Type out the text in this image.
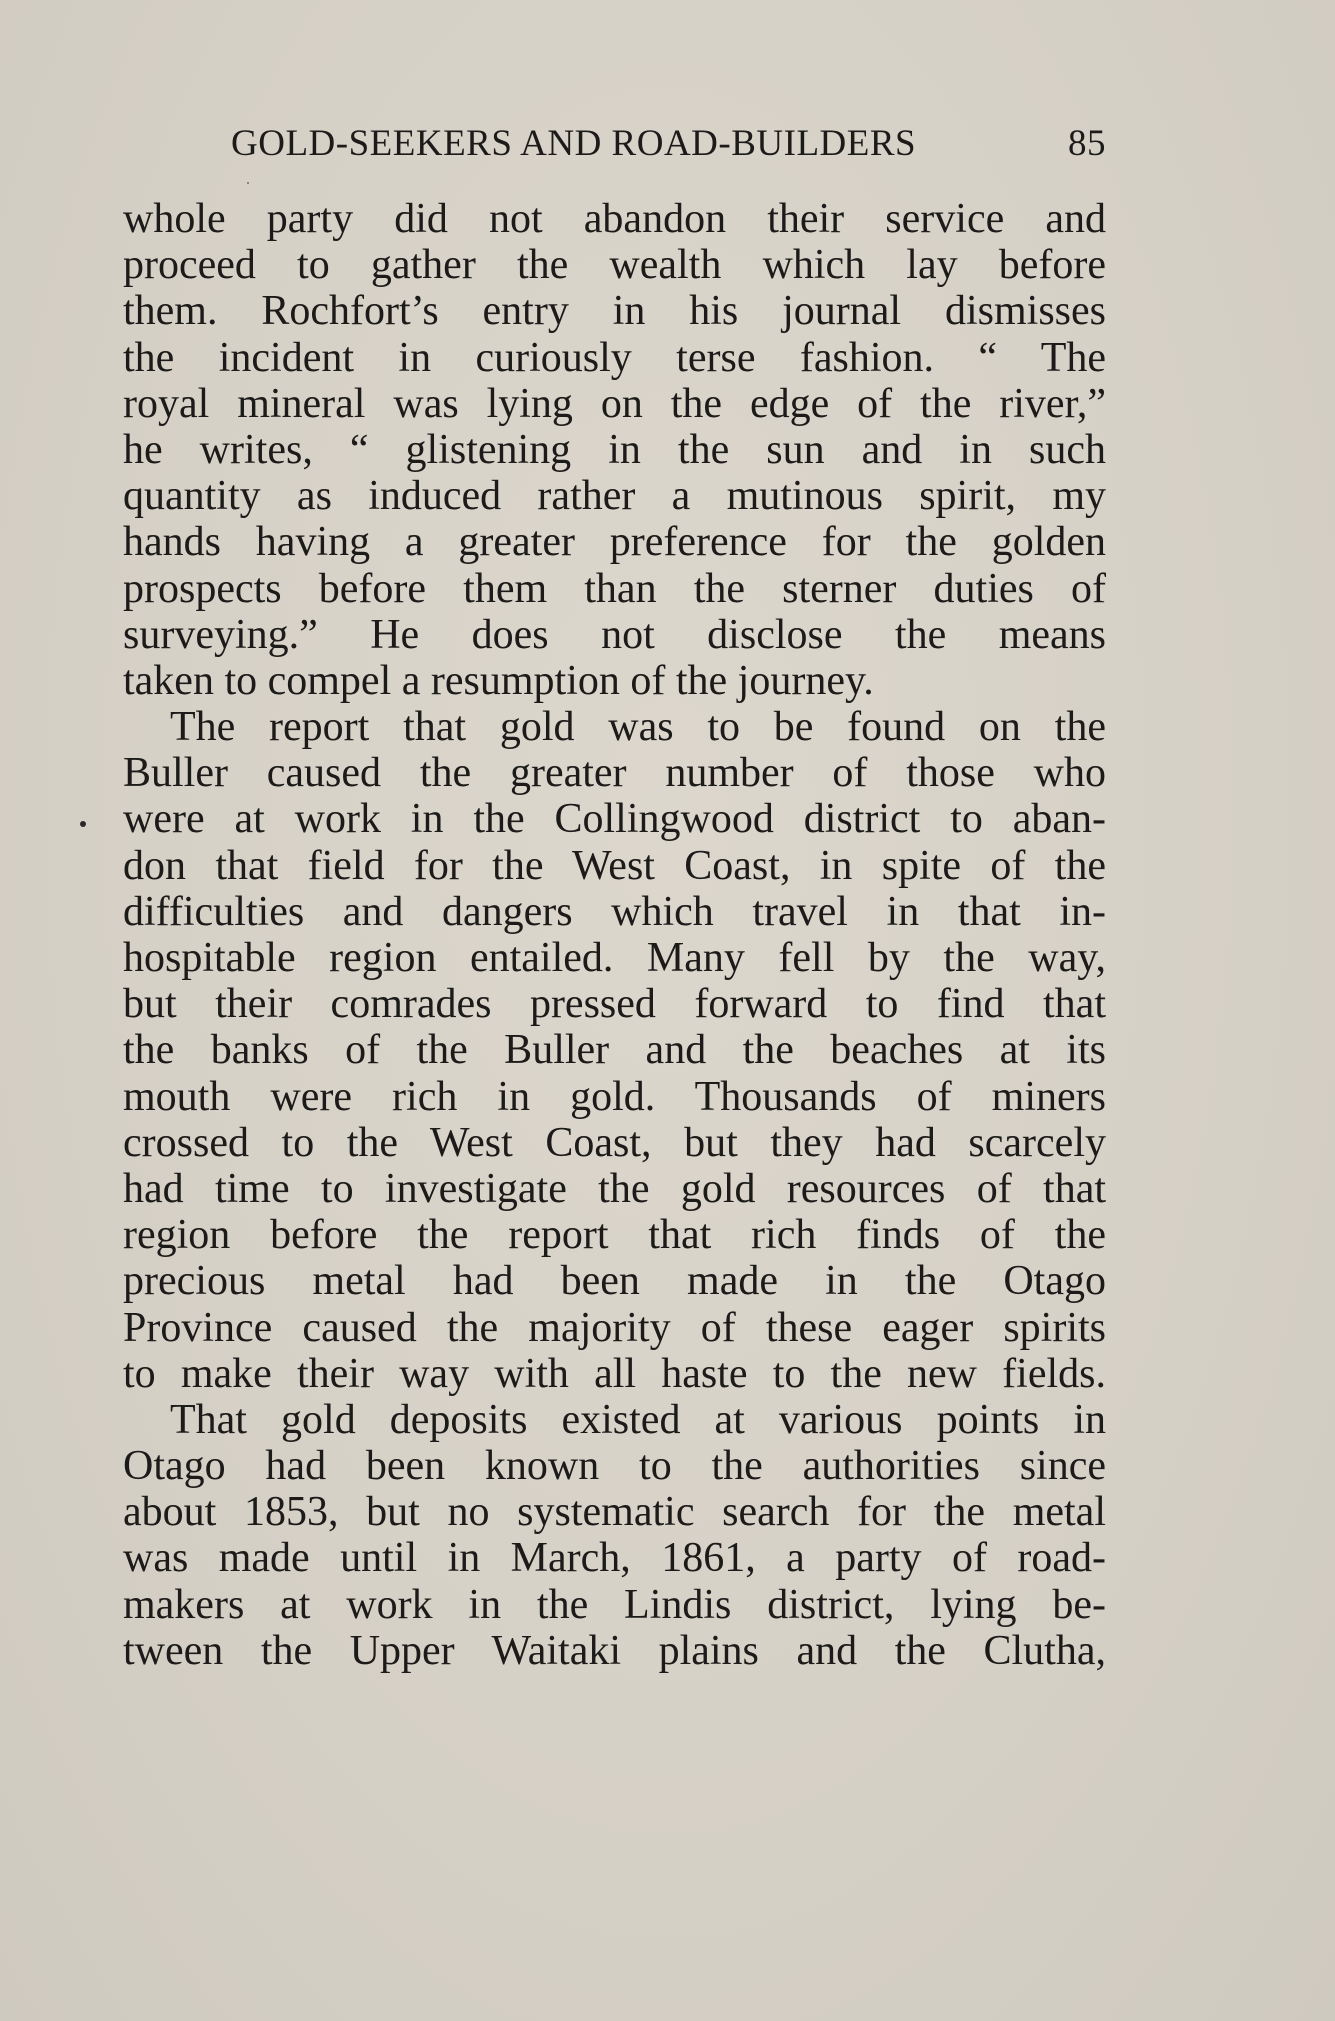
GOLD-SEEKERS AND ROAD-BUILDERS	85
whole party did not abandon their service and
proceed to gather the wealth which lay before
them. Rochfort’s entry in his journal dismisses
the incident in curiously terse fashion. “ The
royal mineral was lying on the edge of the river,”
he writes, “ glistening in the sun and in such
quantity as induced rather a mutinous spirit, my
hands having a greater preference for the golden
prospects before them than the sterner duties of
surveying.” He does not disclose the means
taken to compel a resumption of the journey.
The report that gold was to be found on the
Buller caused the greater number of those who
were at work in the Collingwood district to aban-
don that field for the West Coast, in spite of the
difficulties and dangers which travel in that in-
hospitable region entailed. Many fell by the way,
but their comrades pressed forward to find that
the banks of the Buller and the beaches at its
mouth were rich in gold. Thousands of miners
crossed to the West Coast, but they had scarcely
had time to investigate the gold resources of that
region before the report that rich finds of the
precious metal had been made in the Otago
Province caused the majority of these eager spirits
to make their way with all haste to the new fields.
That gold deposits existed at various points in
Otago had been known to the authorities since
about 1853, but no systematic search for the metal
was made until in March, 1861, a party of road-
makers at work in the Lindis district, lying be-
tween the Upper Waitaki plains and the Clutha,
